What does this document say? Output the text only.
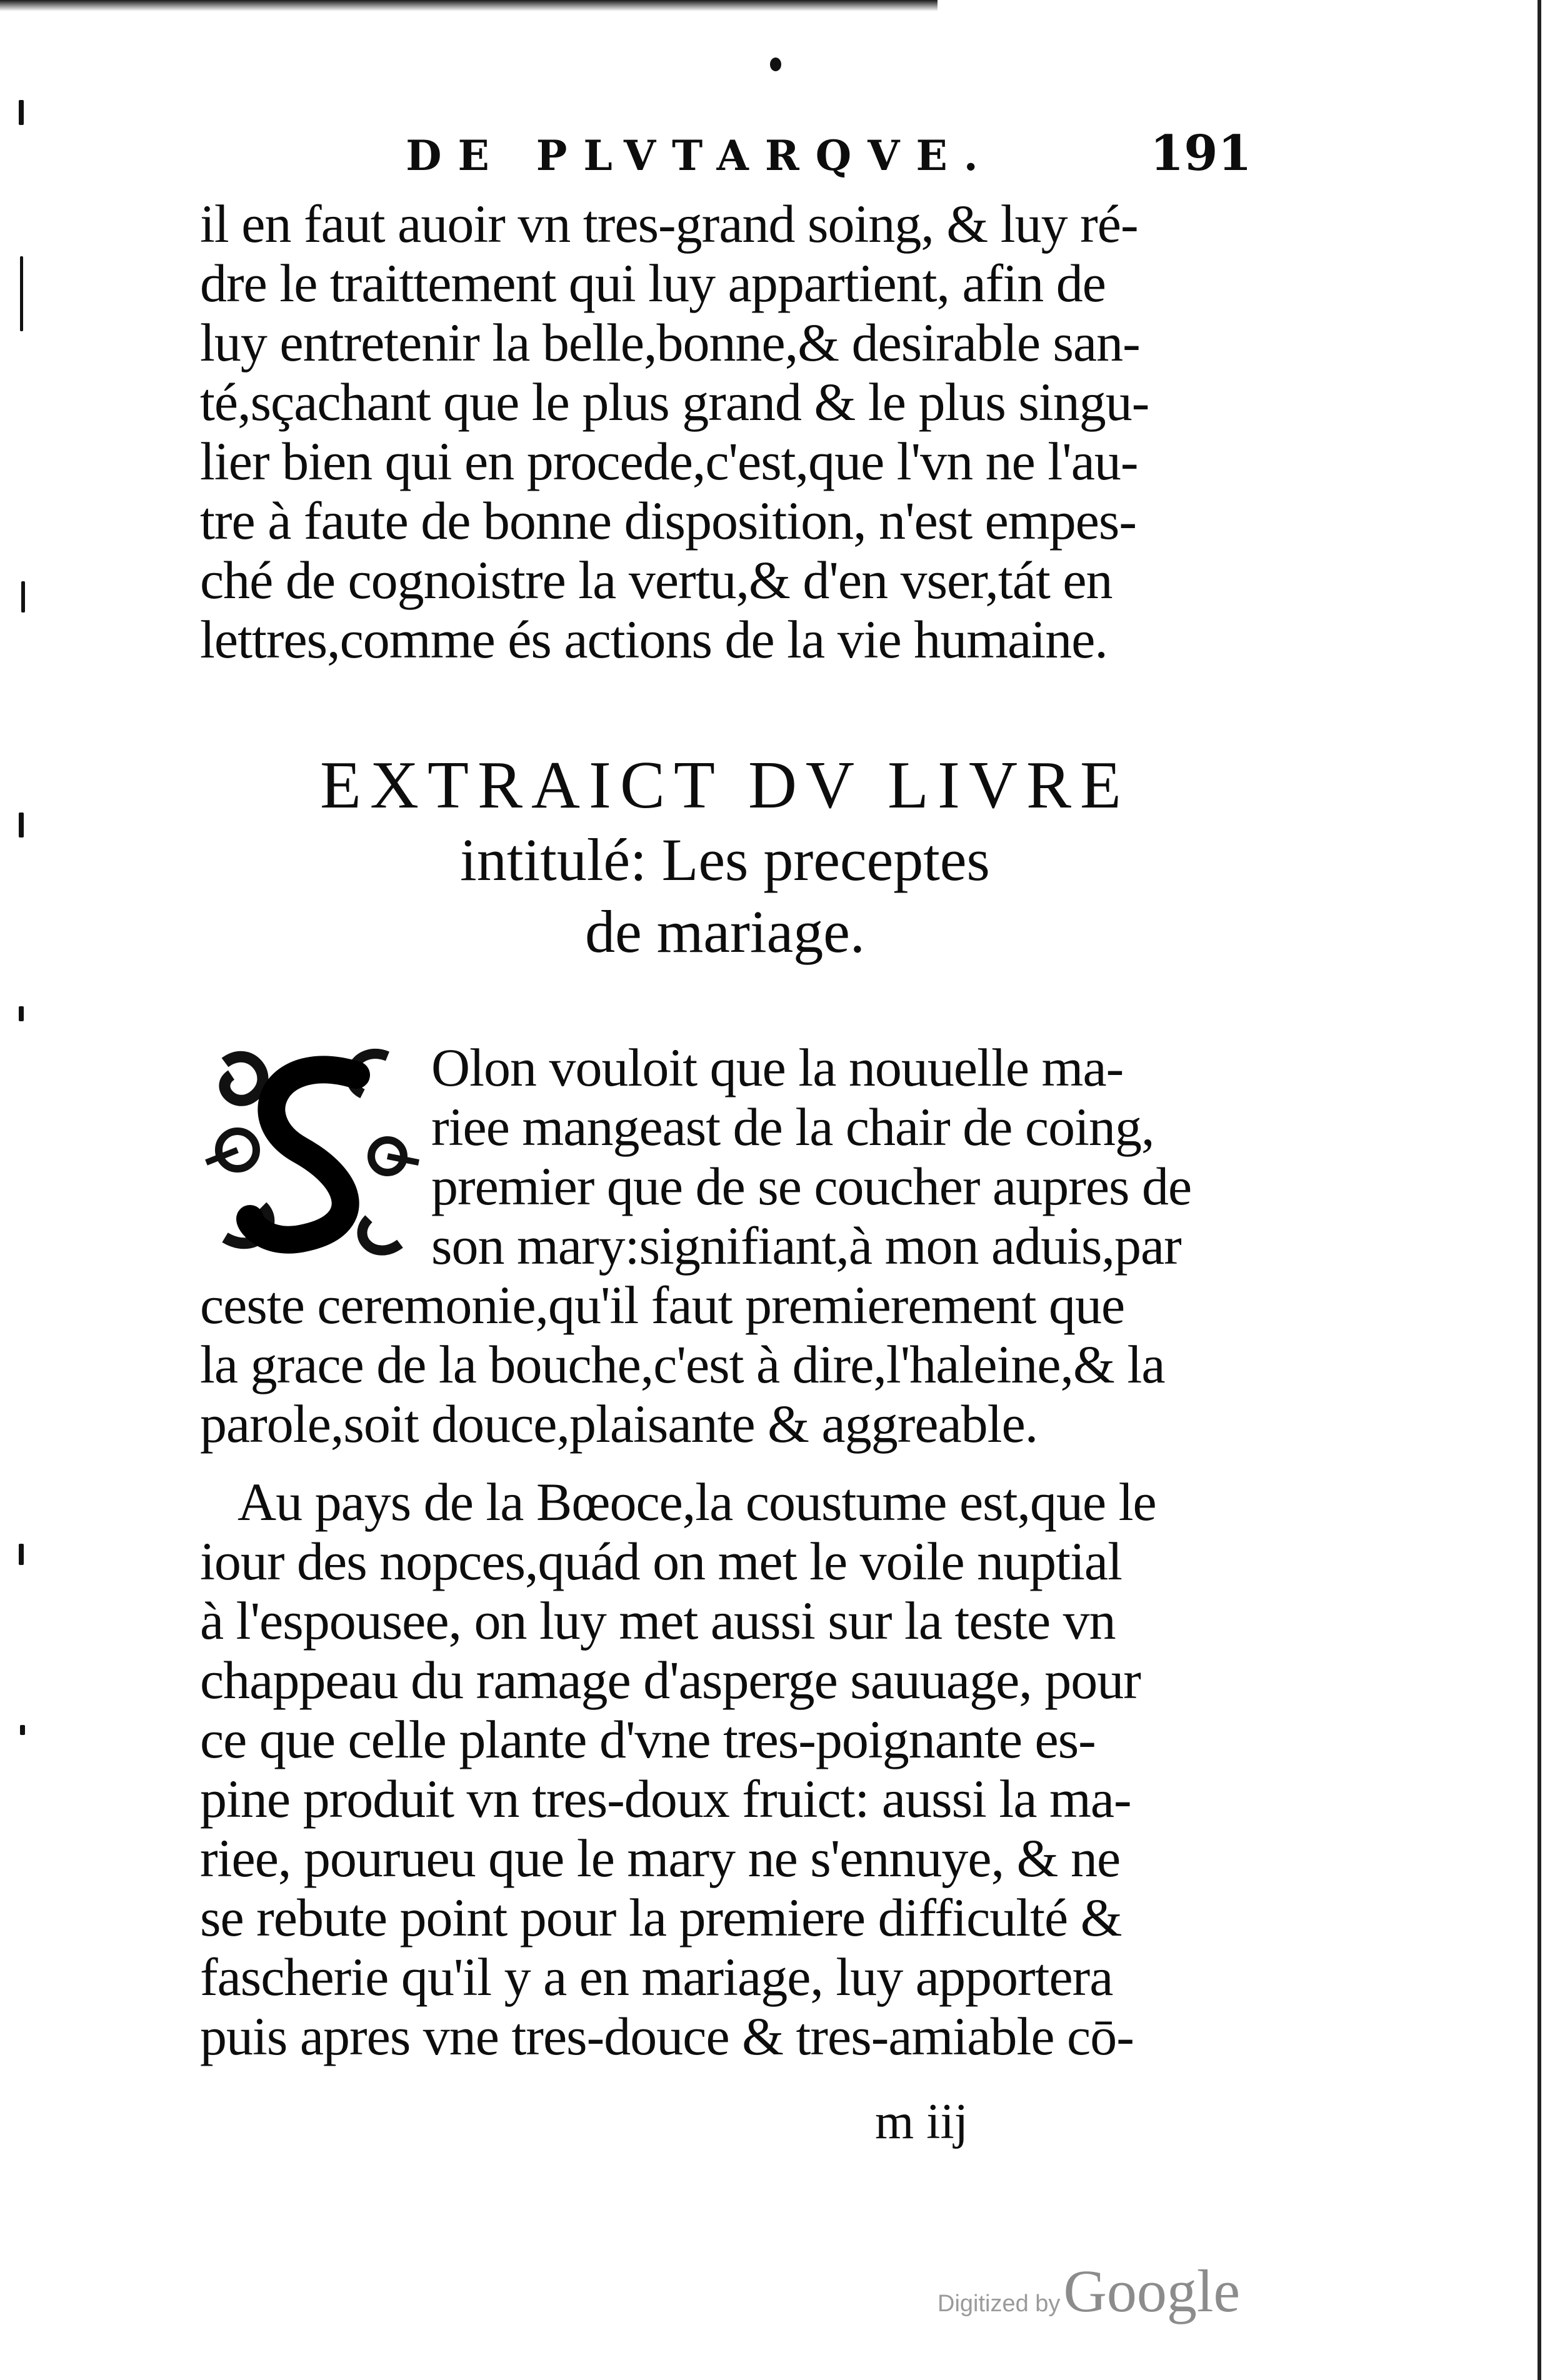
DE PLVTARQVE.	191
il en faut auoir vn tres-grand soing, & luy ré-
dre le traittement qui luy appartient, afin de
luy entretenir la belle,bonne,& desirable san-
té,sçachant que le plus grand & le plus singu-
lier bien qui en procede,c'est,que l'vn ne l'au-
tre à faute de bonne disposition, n'est empes-
ché de cognoistre la vertu,& d'en vser,tát en
lettres,comme és actions de la vie humaine.
EXTRAICT DV LIVRE
intitulé: Les preceptes
de mariage.
Olon vouloit que la nouuelle ma-
riee mangeast de la chair de coing,
premier que de se coucher aupres de
son mary:signifiant,à mon aduis,par
ceste ceremonie,qu'il faut premierement que
la grace de la bouche,c'est à dire,l'haleine,& la
parole,soit douce,plaisante & aggreable.
Au pays de la Bœoce,la coustume est,que le
iour des nopces,quád on met le voile nuptial
à l'espousee, on luy met aussi sur la teste vn
chappeau du ramage d'asperge sauuage, pour
ce que celle plante d'vne tres-poignante es-
pine produit vn tres-doux fruict: aussi la ma-
riee, pourueu que le mary ne s'ennuye, & ne
se rebute point pour la premiere difficulté &
fascherie qu'il y a en mariage, luy apportera
puis apres vne tres-douce & tres-amiable cō-
m iij
Digitized by Google
